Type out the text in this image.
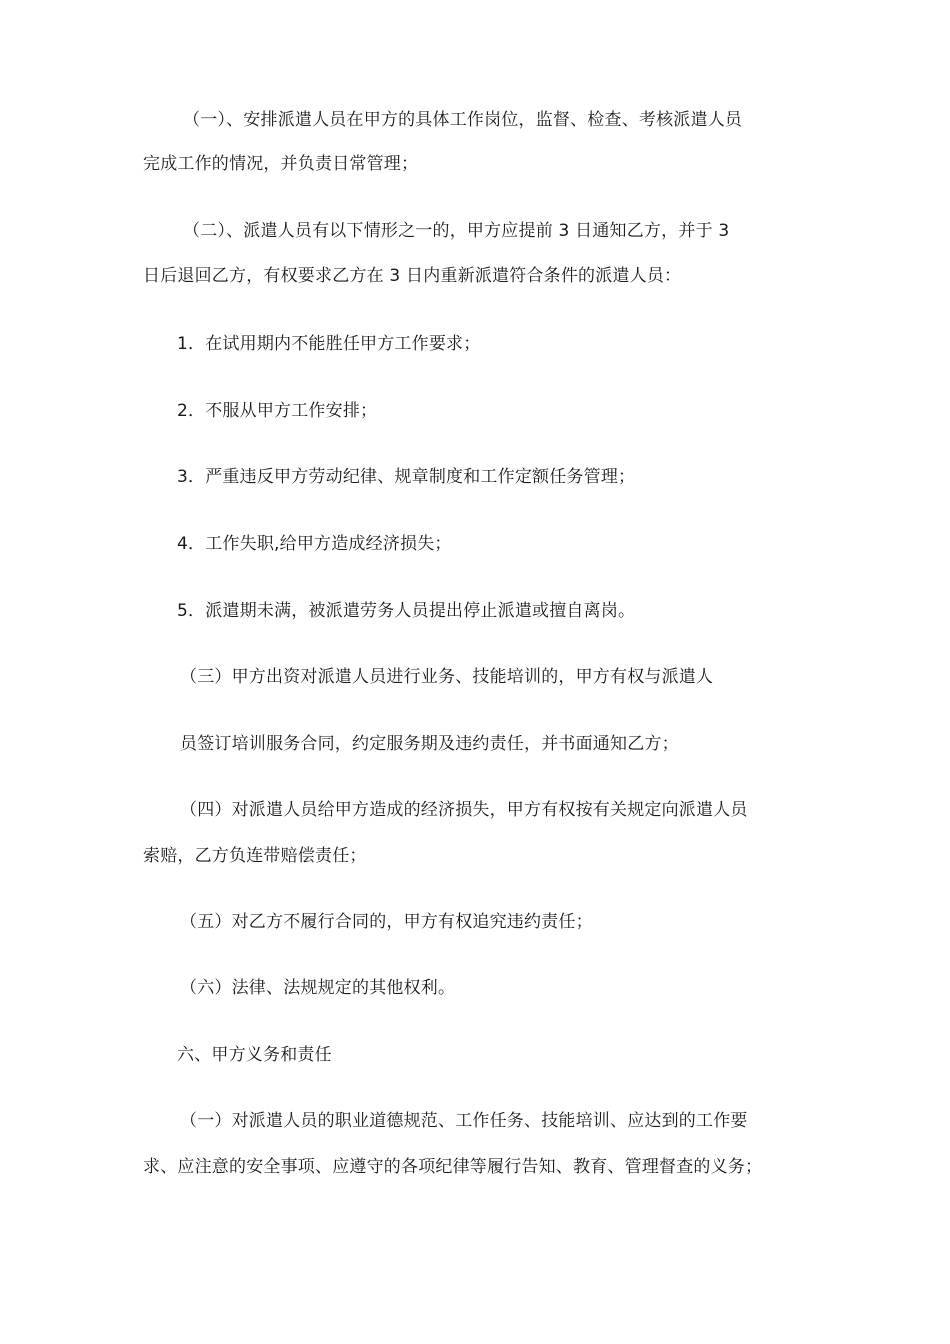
（一）、安排派遣人员在甲方的具体工作岗位，监督、检查、考核派遣人员
完成工作的情况，并负责日常管理；
（二）、派遣人员有以下情形之一的，甲方应提前 3 日通知乙方，并于 3
日后退回乙方，有权要求乙方在 3 日内重新派遣符合条件的派遣人员：
1．在试用期内不能胜任甲方工作要求；
2．不服从甲方工作安排；
3．严重违反甲方劳动纪律、规章制度和工作定额任务管理；
4．工作失职,给甲方造成经济损失；
5．派遣期未满，被派遣劳务人员提出停止派遣或擅自离岗。
（三）甲方出资对派遣人员进行业务、技能培训的，甲方有权与派遣人
员签订培训服务合同，约定服务期及违约责任，并书面通知乙方；
（四）对派遣人员给甲方造成的经济损失，甲方有权按有关规定向派遣人员
索赔，乙方负连带赔偿责任；
（五）对乙方不履行合同的，甲方有权追究违约责任；
（六）法律、法规规定的其他权利。
六、甲方义务和责任
（一）对派遣人员的职业道德规范、工作任务、技能培训、应达到的工作要
求、应注意的安全事项、应遵守的各项纪律等履行告知、教育、管理督查的义务；
